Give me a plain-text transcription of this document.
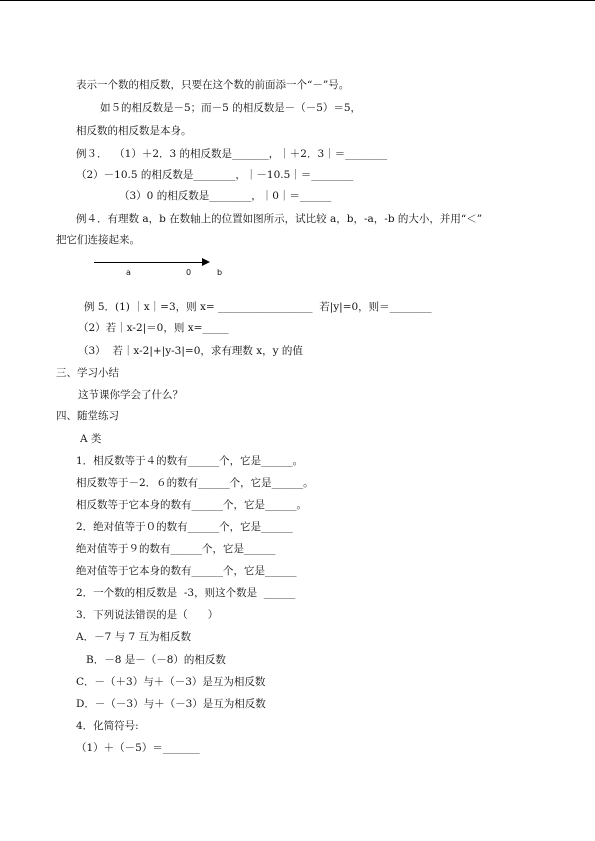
表示一个数的相反数，只要在这个数的前面添一个“－”号。
如５的相反数是－5；而－5 的相反数是－（－5）＝5，
相反数的相反数是本身。
例３．  （1）＋2．3 的相反数是_______，｜＋2．3｜＝________
（2）－10.5 的相反数是________，｜－10.5｜＝________
（3）0 的相反数是________，｜0｜＝______
例４．有理数 a，b 在数轴上的位置如图所示，试比较 a，b，-a，-b 的大小，并用“＜”
把它们连接起来。
a	0	b
例 5．(1) ｜x｜=3，则 x= __________________  若|y|=0，则＝________
（2）若｜x-2|＝0，则 x=_____
（3）  若｜x-2|+|y-3|=0，求有理数 x，y 的值
三、学习小结
这节课你学会了什么？
四、随堂练习
A 类
1．相反数等于４的数有______个，它是______。
相反数等于－2．６的数有______个，它是______。
相反数等于它本身的数有______个，它是______。
2．绝对值等于０的数有______个，它是______
绝对值等于９的数有______个，它是______
绝对值等于它本身的数有______个，它是______
2．一个数的相反数是  -3，则这个数是  ______
3．下列说法错误的是（      ）
A．－7 与 7 互为相反数
B．－8 是－（－8）的相反数
C．－（＋3）与＋（－3）是互为相反数
D．－（－3）与＋（－3）是互为相反数
4．化简符号:
（1）＋（－5）＝_______
